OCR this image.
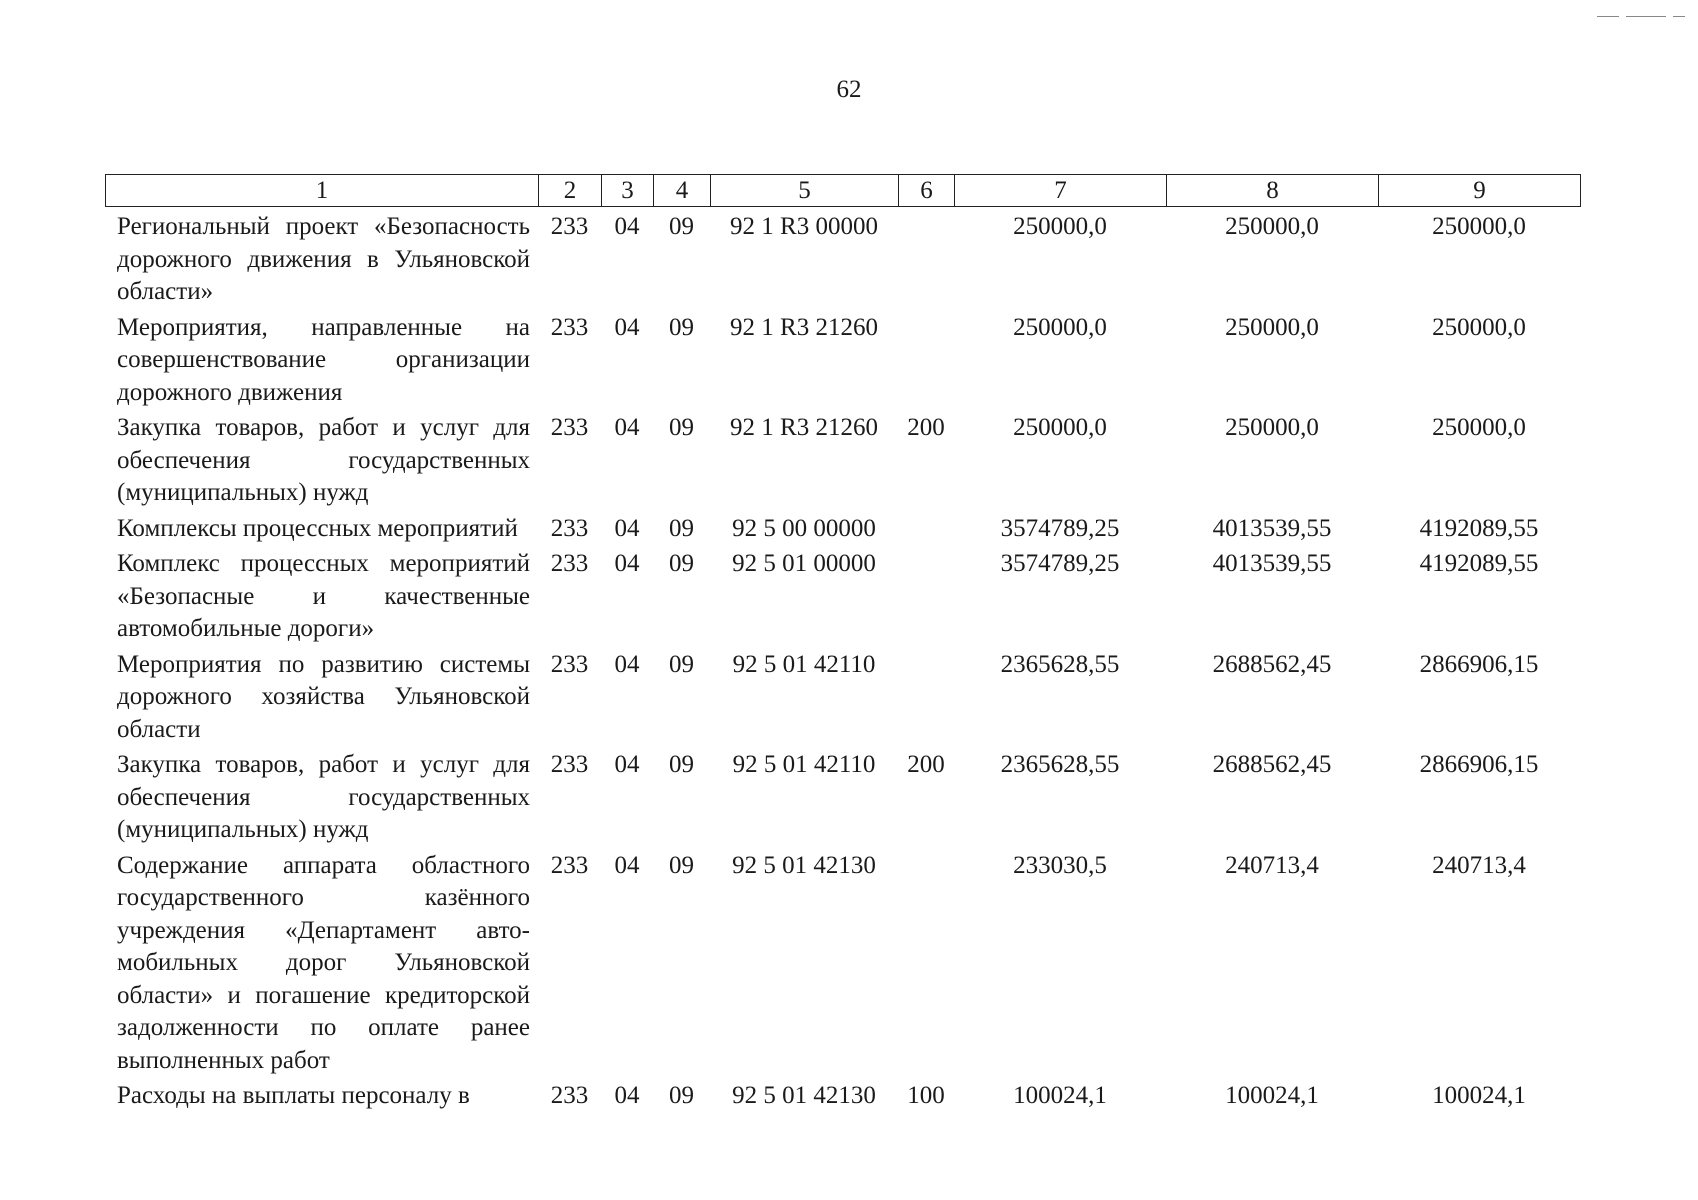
62
1	2	3	4	5	6	7	8	9
Региональный проект «Безопасность дорожного движения в Ульяновской области»	233	04	09	92 1 R3 00000		250000,0	250000,0	250000,0
Мероприятия, направленные на совершенствование организации дорожного движения	233	04	09	92 1 R3 21260		250000,0	250000,0	250000,0
Закупка товаров, работ и услуг для обеспечения государственных (муниципальных) нужд	233	04	09	92 1 R3 21260	200	250000,0	250000,0	250000,0
Комплексы процессных мероприятий	233	04	09	92 5 00 00000		3574789,25	4013539,55	4192089,55
Комплекс процессных мероприятий «Безопасные и качественные автомобильные дороги»	233	04	09	92 5 01 00000		3574789,25	4013539,55	4192089,55
Мероприятия по развитию системы дорожного хозяйства Ульяновской области	233	04	09	92 5 01 42110		2365628,55	2688562,45	2866906,15
Закупка товаров, работ и услуг для обеспечения государственных (муниципальных) нужд	233	04	09	92 5 01 42110	200	2365628,55	2688562,45	2866906,15
Содержание аппарата областного государственного казённого учреждения «Департамент автомобильных дорог Ульяновской области» и погашение кредиторской задолженности по оплате ранее выполненных работ	233	04	09	92 5 01 42130		233030,5	240713,4	240713,4
Расходы на выплаты персоналу в	233	04	09	92 5 01 42130	100	100024,1	100024,1	100024,1
